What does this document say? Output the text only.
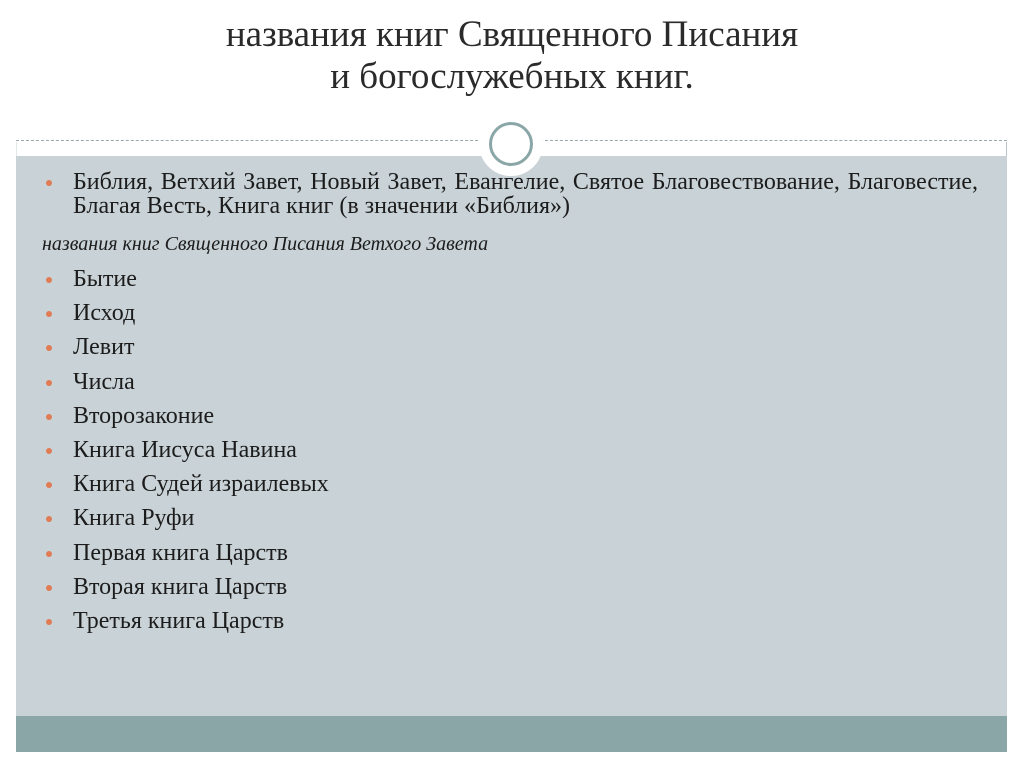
названия книг Священного Писания
и богослужебных книг.
Библия, Ветхий Завет, Новый Завет, Евангелие, Святое Благовествование, Благовестие, Благая Весть, Книга книг (в значении «Библия»)
названия книг Священного Писания Ветхого Завета
Бытие
Исход
Левит
Числа
Второзаконие
Книга Иисуса Навина
Книга Судей израилевых
Книга Руфи
Первая книга Царств
Вторая книга Царств
Третья книга Царств
